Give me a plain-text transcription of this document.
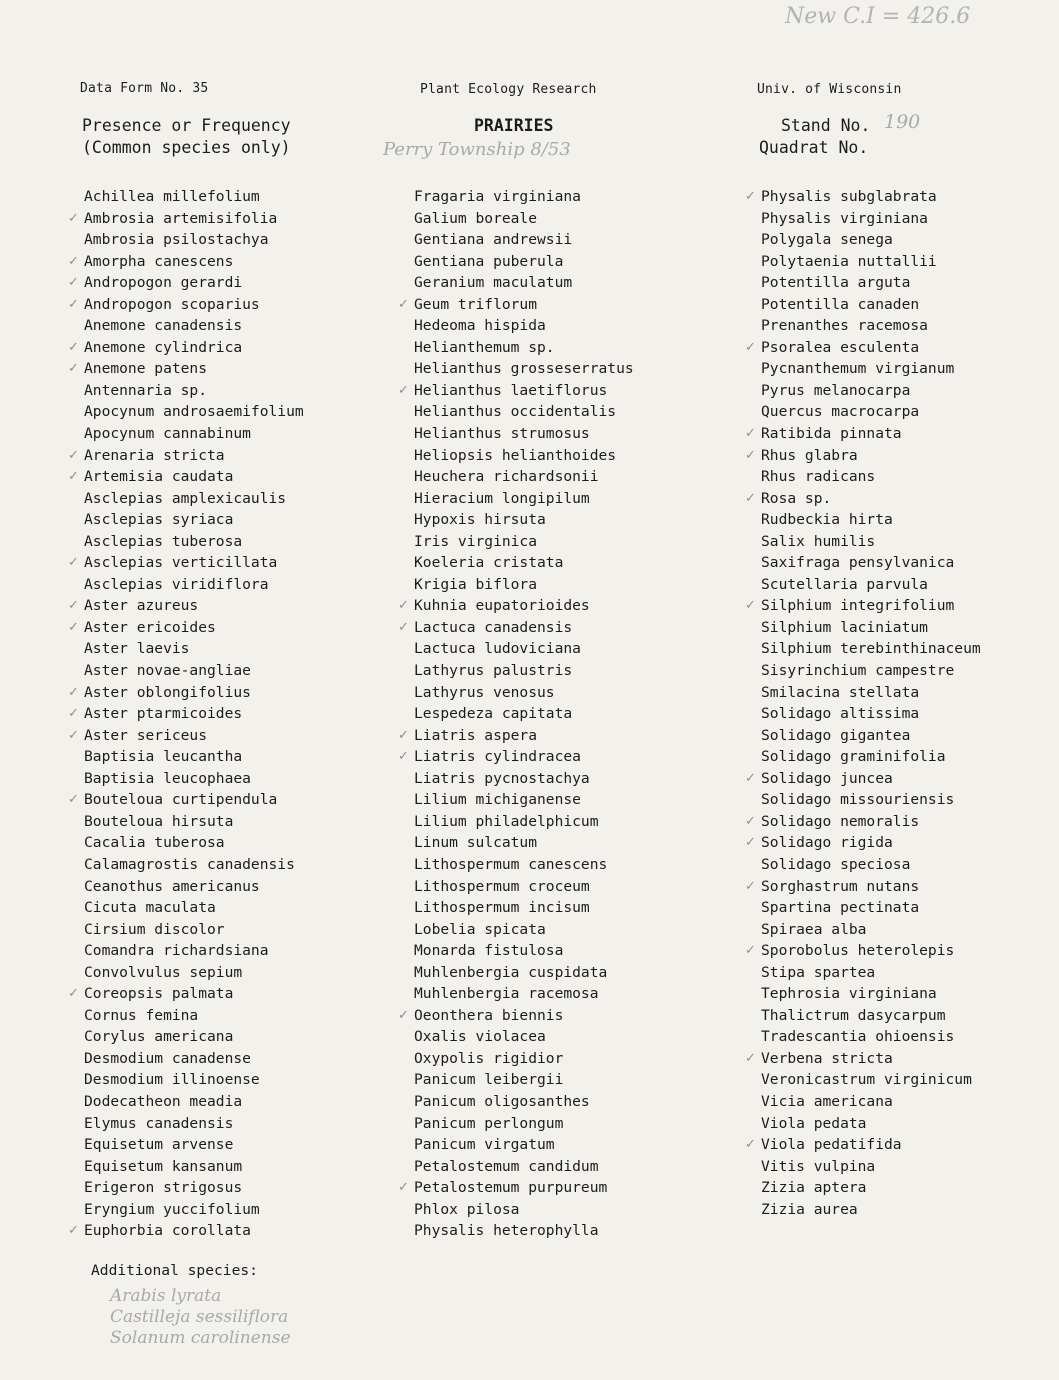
New C.I = 426.6
Data Form No. 35	Plant Ecology Research	Univ. of Wisconsin
Presence or Frequency
(Common species only)
PRAIRIES
Perry Township 8/53
Stand No. 190
Quadrat No.
Achillea millefolium
✓ Ambrosia artemisifolia
Ambrosia psilostachya
✓ Amorpha canescens
✓ Andropogon gerardi
✓ Andropogon scoparius
Anemone canadensis
✓ Anemone cylindrica
✓ Anemone patens
Antennaria sp.
Apocynum androsaemifolium
Apocynum cannabinum
✓ Arenaria stricta
✓ Artemisia caudata
Asclepias amplexicaulis
Asclepias syriaca
Asclepias tuberosa
✓ Asclepias verticillata
Asclepias viridiflora
✓ Aster azureus
✓ Aster ericoides
Aster laevis
Aster novae-angliae
✓ Aster oblongifolius
✓ Aster ptarmicoides
✓ Aster sericeus
Baptisia leucantha
Baptisia leucophaea
✓ Bouteloua curtipendula
Bouteloua hirsuta
Cacalia tuberosa
Calamagrostis canadensis
Ceanothus americanus
Cicuta maculata
Cirsium discolor
Comandra richardsiana
Convolvulus sepium
✓ Coreopsis palmata
Cornus femina
Corylus americana
Desmodium canadense
Desmodium illinoense
Dodecatheon meadia
Elymus canadensis
Equisetum arvense
Equisetum kansanum
Erigeron strigosus
Eryngium yuccifolium
✓ Euphorbia corollata
Fragaria virginiana
Galium boreale
Gentiana andrewsii
Gentiana puberula
Geranium maculatum
✓ Geum triflorum
Hedeoma hispida
Helianthemum sp.
Helianthus grosseserratus
✓ Helianthus laetiflorus
Helianthus occidentalis
Helianthus strumosus
Heliopsis helianthoides
Heuchera richardsonii
Hieracium longipilum
Hypoxis hirsuta
Iris virginica
Koeleria cristata
Krigia biflora
✓ Kuhnia eupatorioides
✓ Lactuca canadensis
Lactuca ludoviciana
Lathyrus palustris
Lathyrus venosus
Lespedeza capitata
✓ Liatris aspera
✓ Liatris cylindracea
Liatris pycnostachya
Lilium michiganense
Lilium philadelphicum
Linum sulcatum
Lithospermum canescens
Lithospermum croceum
Lithospermum incisum
Lobelia spicata
Monarda fistulosa
Muhlenbergia cuspidata
Muhlenbergia racemosa
✓ Oeonthera biennis
Oxalis violacea
Oxypolis rigidior
Panicum leibergii
Panicum oligosanthes
Panicum perlongum
Panicum virgatum
Petalostemum candidum
✓ Petalostemum purpureum
Phlox pilosa
Physalis heterophylla
✓ Physalis subglabrata
Physalis virginiana
Polygala senega
Polytaenia nuttallii
Potentilla arguta
Potentilla canaden
Prenanthes racemosa
✓ Psoralea esculenta
Pycnanthemum virgianum
Pyrus melanocarpa
Quercus macrocarpa
✓ Ratibida pinnata
✓ Rhus glabra
Rhus radicans
✓ Rosa sp.
Rudbeckia hirta
Salix humilis
Saxifraga pensylvanica
Scutellaria parvula
✓ Silphium integrifolium
Silphium laciniatum
Silphium terebinthinaceum
Sisyrinchium campestre
Smilacina stellata
Solidago altissima
Solidago gigantea
Solidago graminifolia
✓ Solidago juncea
Solidago missouriensis
✓ Solidago nemoralis
✓ Solidago rigida
Solidago speciosa
✓ Sorghastrum nutans
Spartina pectinata
Spiraea alba
✓ Sporobolus heterolepis
Stipa spartea
Tephrosia virginiana
Thalictrum dasycarpum
Tradescantia ohioensis
✓ Verbena stricta
Veronicastrum virginicum
Vicia americana
Viola pedata
✓ Viola pedatifida
Vitis vulpina
Zizia aptera
Zizia aurea
Additional species:
Arabis lyrata
Castilleja sessiliflora
Solanum carolinense
